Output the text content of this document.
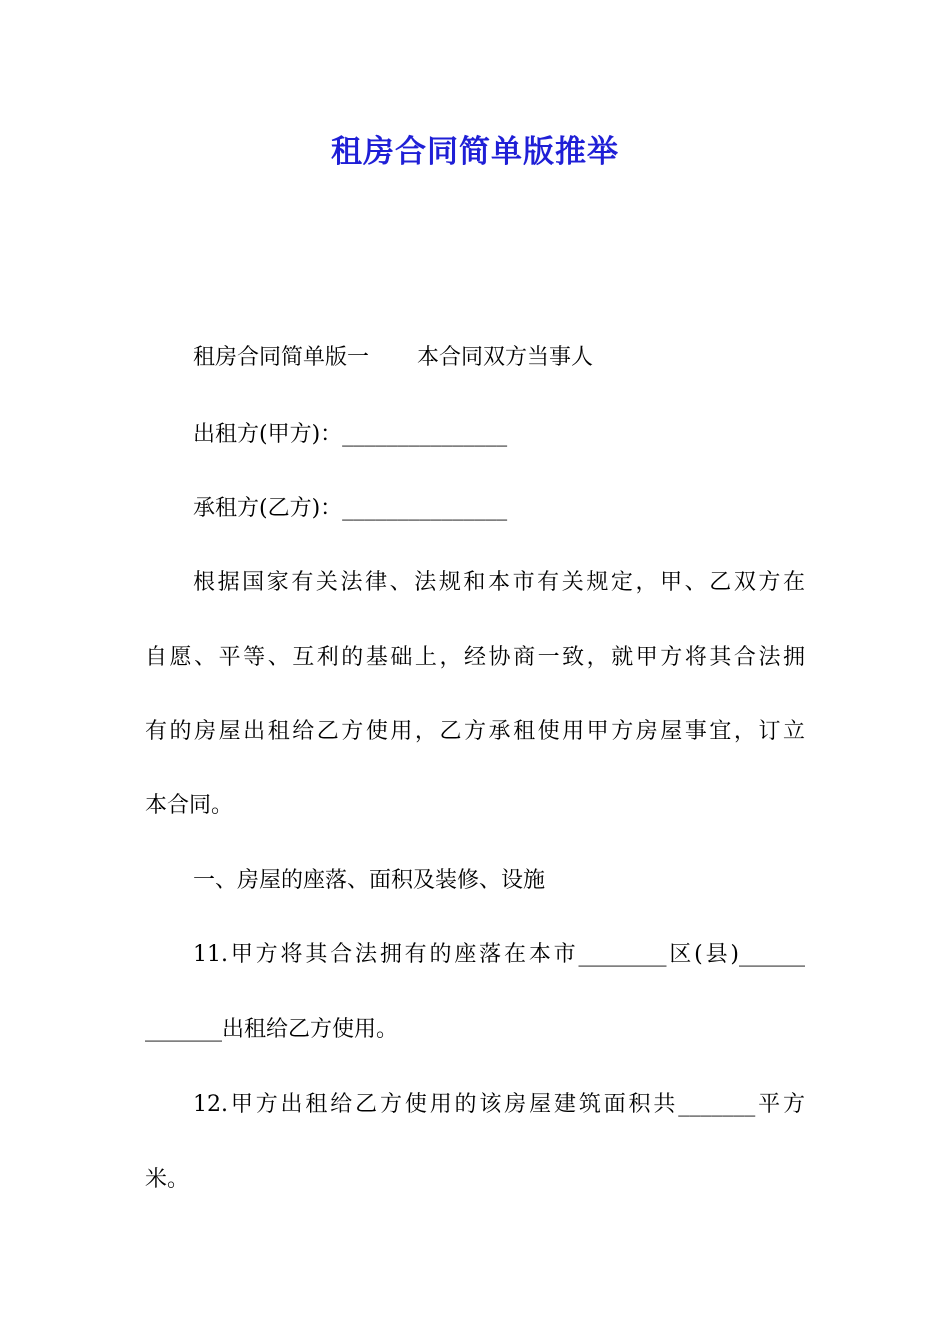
租房合同简单版推举

租房合同简单版一 本合同双方当事人

出租方(甲方)：_______________

承租方(乙方)：_______________

根据国家有关法律、法规和本市有关规定，甲、乙双方在

自愿、平等、互利的基础上，经协商一致，就甲方将其合法拥

有的房屋出租给乙方使用，乙方承租使用甲方房屋事宜，订立

本合同。

一、房屋的座落、面积及装修、设施

11.甲方将其合法拥有的座落在本市________区(县)______

_______出租给乙方使用。

12.甲方出租给乙方使用的该房屋建筑面积共_______平方

米。
